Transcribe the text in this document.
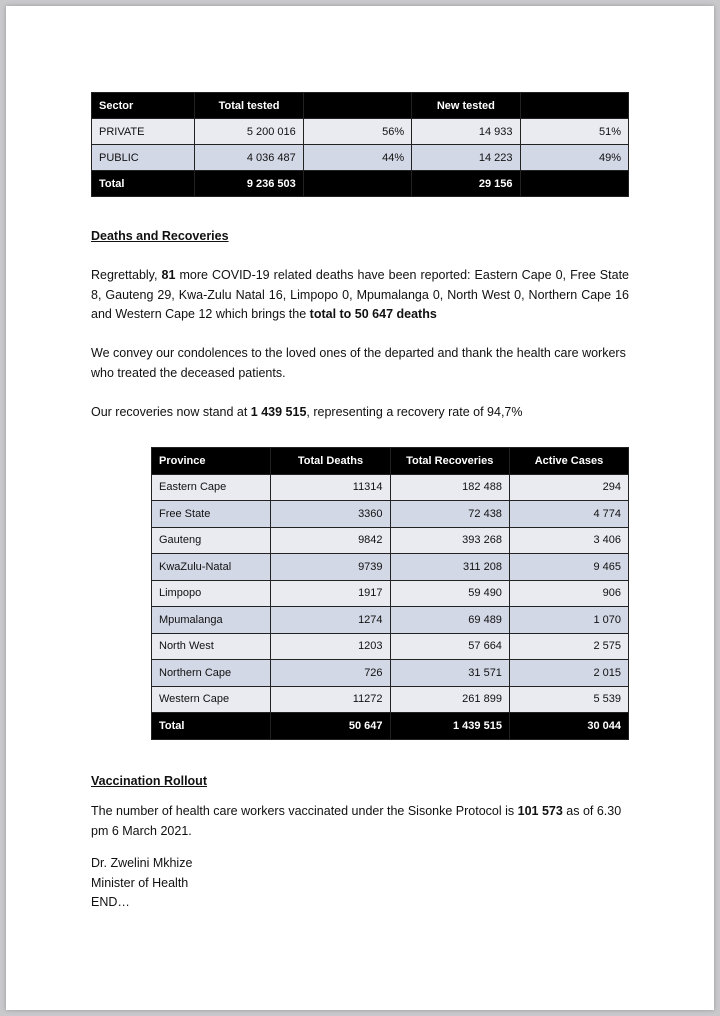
Sector	Total tested		New tested	
PRIVATE	5 200 016	56%	14 933	51%
PUBLIC	4 036 487	44%	14 223	49%
Total	9 236 503		29 156	
Deaths and Recoveries
Regrettably, 81 more COVID-19 related deaths have been reported: Eastern Cape 0, Free State 8, Gauteng 29, Kwa-Zulu Natal 16, Limpopo 0, Mpumalanga 0, North West 0, Northern Cape 16 and Western Cape 12 which brings the total to 50 647 deaths
We convey our condolences to the loved ones of the departed and thank the health care workers who treated the deceased patients.
Our recoveries now stand at 1 439 515, representing a recovery rate of 94,7%
Province	Total Deaths	Total Recoveries	Active Cases
Eastern Cape	11314	182 488	294
Free State	3360	72 438	4 774
Gauteng	9842	393 268	3 406
KwaZulu-Natal	9739	311 208	9 465
Limpopo	1917	59 490	906
Mpumalanga	1274	69 489	1 070
North West	1203	57 664	2 575
Northern Cape	726	31 571	2 015
Western Cape	11272	261 899	5 539
Total	50 647	1 439 515	30 044
Vaccination Rollout
The number of health care workers vaccinated under the Sisonke Protocol is 101 573 as of 6.30 pm 6 March 2021.
Dr. Zwelini Mkhize
Minister of Health
END…
